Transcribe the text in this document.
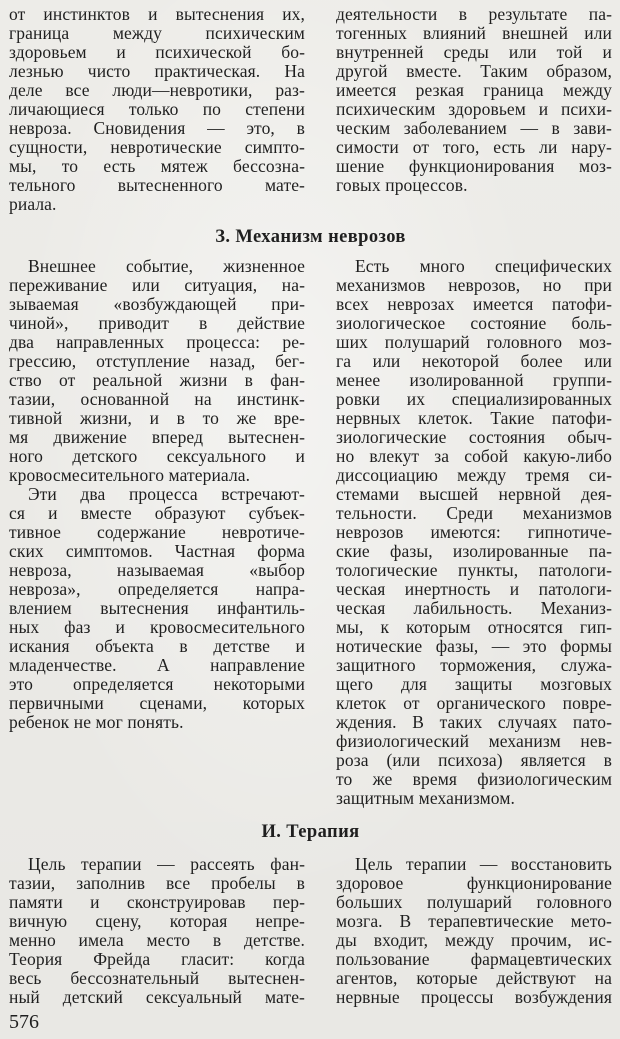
от инстинктов и вытеснения их,
граница между психическим
здоровьем и психической бо-
лезнью чисто практическая. На
деле все люди—невротики, раз-
личающиеся только по степени
невроза. Сновидения — это, в
сущности, невротические симпто-
мы, то есть мятеж бессозна-
тельного вытесненного мате-
риала.
деятельности в результате па-
тогенных влияний внешней или
внутренней среды или той и
другой вместе. Таким образом,
имеется резкая граница между
психическим здоровьем и психи-
ческим заболеванием — в зави-
симости от того, есть ли нару-
шение функционирования моз-
говых процессов.
З. Механизм неврозов
Внешнее событие, жизненное
переживание или ситуация, на-
зываемая «возбуждающей при-
чиной», приводит в действие
два направленных процесса: ре-
грессию, отступление назад, бег-
ство от реальной жизни в фан-
тазии, основанной на инстинк-
тивной жизни, и в то же вре-
мя движение вперед вытеснен-
ного детского сексуального и
кровосмесительного материала.
Эти два процесса встречают-
ся и вместе образуют субъек-
тивное содержание невротиче-
ских симптомов. Частная форма
невроза, называемая «выбор
невроза», определяется напра-
влением вытеснения инфантиль-
ных фаз и кровосмесительного
искания объекта в детстве и
младенчестве. А направление
это определяется некоторыми
первичными сценами, которых
ребенок не мог понять.
Есть много специфических
механизмов неврозов, но при
всех неврозах имеется патофи-
зиологическое состояние боль-
ших полушарий головного моз-
га или некоторой более или
менее изолированной группи-
ровки их специализированных
нервных клеток. Такие патофи-
зиологические состояния обыч-
но влекут за собой какую-либо
диссоциацию между тремя си-
стемами высшей нервной дея-
тельности. Среди механизмов
неврозов имеются: гипнотиче-
ские фазы, изолированные па-
тологические пункты, патологи-
ческая инертность и патологи-
ческая лабильность. Механиз-
мы, к которым относятся гип-
нотические фазы, — это формы
защитного торможения, служа-
щего для защиты мозговых
клеток от органического повре-
ждения. В таких случаях пато-
физиологический механизм нев-
роза (или психоза) является в
то же время физиологическим
защитным механизмом.
И. Терапия
Цель терапии — рассеять фан-
тазии, заполнив все пробелы в
памяти и сконструировав пер-
вичную сцену, которая непре-
менно имела место в детстве.
Теория Фрейда гласит: когда
весь бессознательный вытеснен-
ный детский сексуальный мате-
Цель терапии — восстановить
здоровое функционирование
больших полушарий головного
мозга. В терапевтические мето-
ды входит, между прочим, ис-
пользование фармацевтических
агентов, которые действуют на
нервные процессы возбуждения
576
